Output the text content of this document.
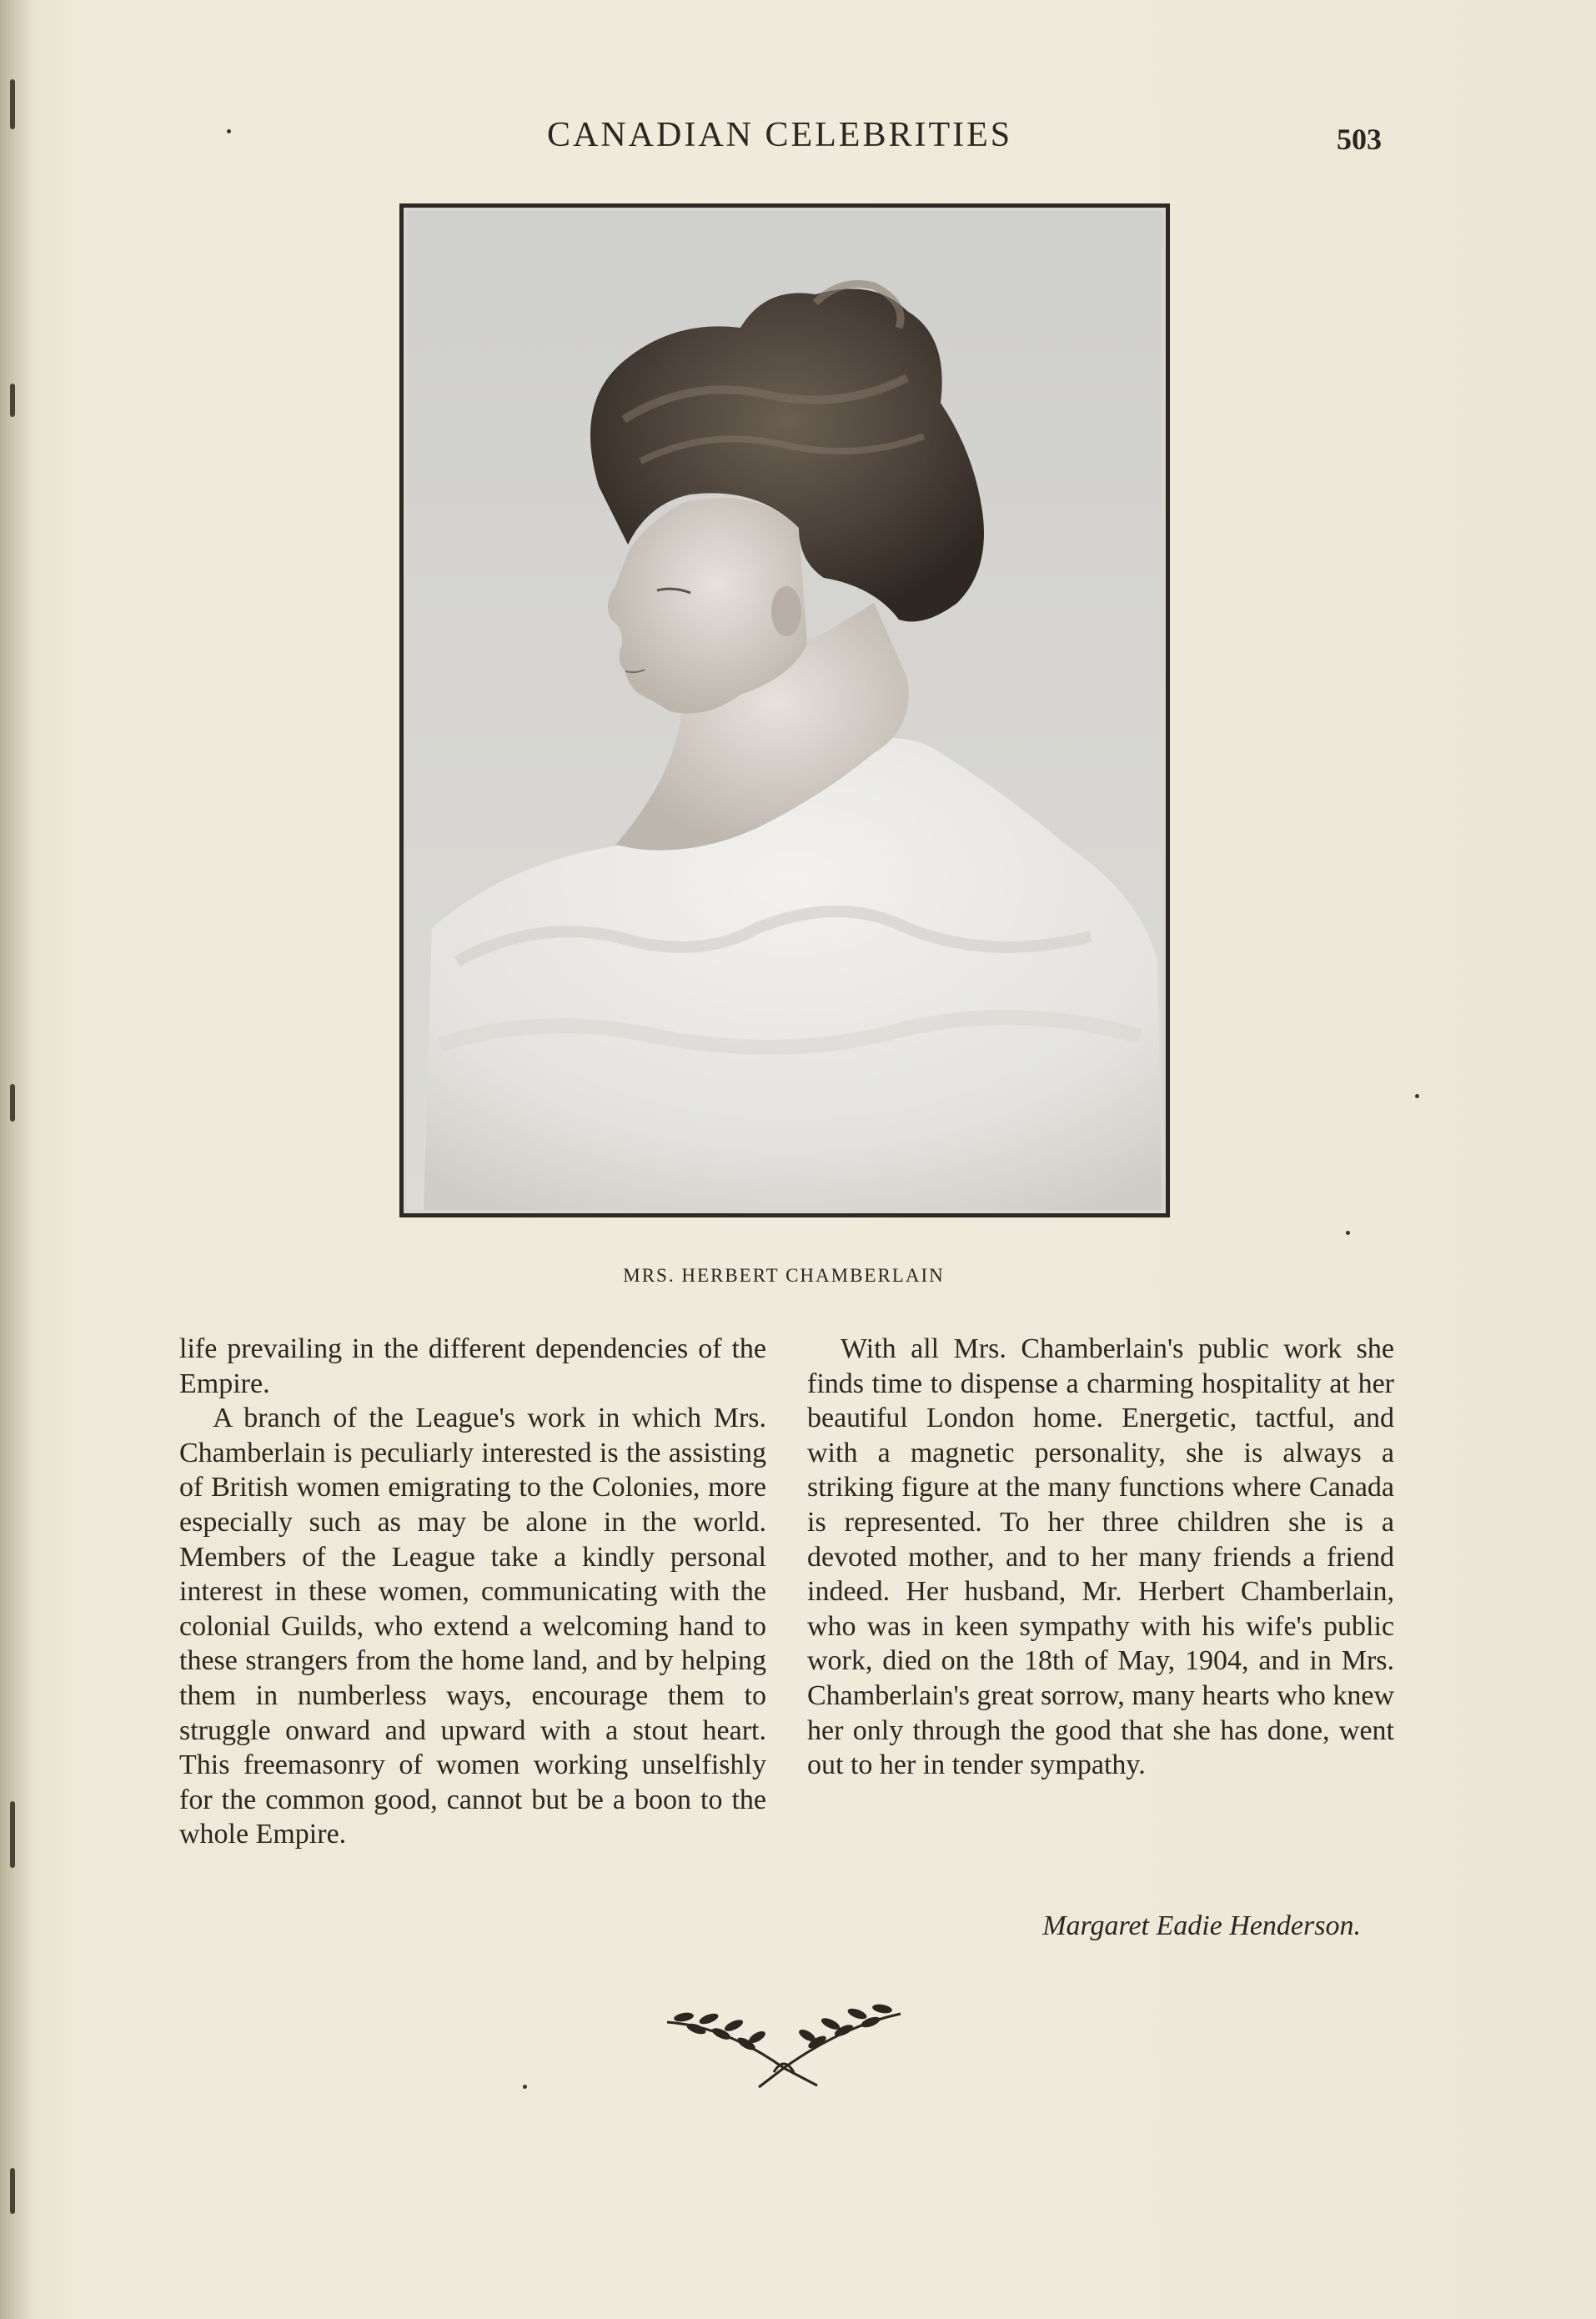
CANADIAN CELEBRITIES	503
MRS. HERBERT CHAMBERLAIN

life prevailing in the different dependencies of the Empire.

A branch of the League's work in which Mrs. Chamberlain is peculiarly interested is the assisting of British women emigrating to the Colonies, more especially such as may be alone in the world. Members of the League take a kindly personal interest in these women, communicating with the colonial Guilds, who extend a welcoming hand to these strangers from the home land, and by helping them in numberless ways, encourage them to struggle onward and upward with a stout heart. This freemasonry of women working unselfishly for the common good, cannot but be a boon to the whole Empire.

With all Mrs. Chamberlain's public work she finds time to dispense a charming hospitality at her beautiful London home. Energetic, tactful, and with a magnetic personality, she is always a striking figure at the many functions where Canada is represented. To her three children she is a devoted mother, and to her many friends a friend indeed. Her husband, Mr. Herbert Chamberlain, who was in keen sympathy with his wife's public work, died on the 18th of May, 1904, and in Mrs. Chamberlain's great sorrow, many hearts who knew her only through the good that she has done, went out to her in tender sympathy.

Margaret Eadie Henderson.
